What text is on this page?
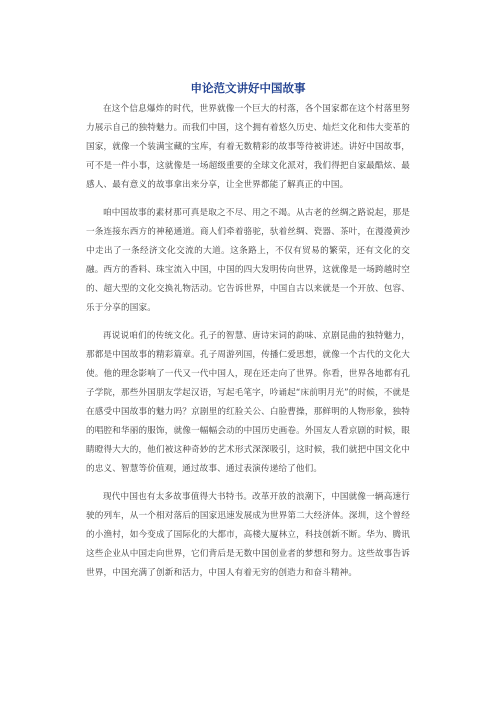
申论范文讲好中国故事

在这个信息爆炸的时代，世界就像一个巨大的村落，各个国家都在这个村落里努力展示自己的独特魅力。而我们中国，这个拥有着悠久历史、灿烂文化和伟大变革的国家，就像一个装满宝藏的宝库，有着无数精彩的故事等待被讲述。讲好中国故事，可不是一件小事，这就像是一场超级重要的全球文化派对，我们得把自家最酷炫、最感人、最有意义的故事拿出来分享，让全世界都能了解真正的中国。

咱中国故事的素材那可真是取之不尽、用之不竭。从古老的丝绸之路说起，那是一条连接东西方的神秘通道。商人们牵着骆驼，驮着丝绸、瓷器、茶叶，在漫漫黄沙中走出了一条经济文化交流的大道。这条路上，不仅有贸易的繁荣，还有文化的交融。西方的香料、珠宝流入中国，中国的四大发明传向世界，这就像是一场跨越时空的、超大型的文化交换礼物活动。它告诉世界，中国自古以来就是一个开放、包容、乐于分享的国家。

再说说咱们的传统文化。孔子的智慧、唐诗宋词的韵味、京剧昆曲的独特魅力，那都是中国故事的精彩篇章。孔子周游列国，传播仁爱思想，就像一个古代的文化大使。他的理念影响了一代又一代中国人，现在还走向了世界。你看，世界各地都有孔子学院，那些外国朋友学起汉语，写起毛笔字，吟诵起“床前明月光”的时候，不就是在感受中国故事的魅力吗？京剧里的红脸关公、白脸曹操，那鲜明的人物形象，独特的唱腔和华丽的服饰，就像一幅幅会动的中国历史画卷。外国友人看京剧的时候，眼睛瞪得大大的，他们被这种奇妙的艺术形式深深吸引，这时候，我们就把中国文化中的忠义、智慧等价值观，通过故事、通过表演传递给了他们。

现代中国也有太多故事值得大书特书。改革开放的浪潮下，中国就像一辆高速行驶的列车，从一个相对落后的国家迅速发展成为世界第二大经济体。深圳，这个曾经的小渔村，如今变成了国际化的大都市，高楼大厦林立，科技创新不断。华为、腾讯这些企业从中国走向世界，它们背后是无数中国创业者的梦想和努力。这些故事告诉世界，中国充满了创新和活力，中国人有着无穷的创造力和奋斗精神。
